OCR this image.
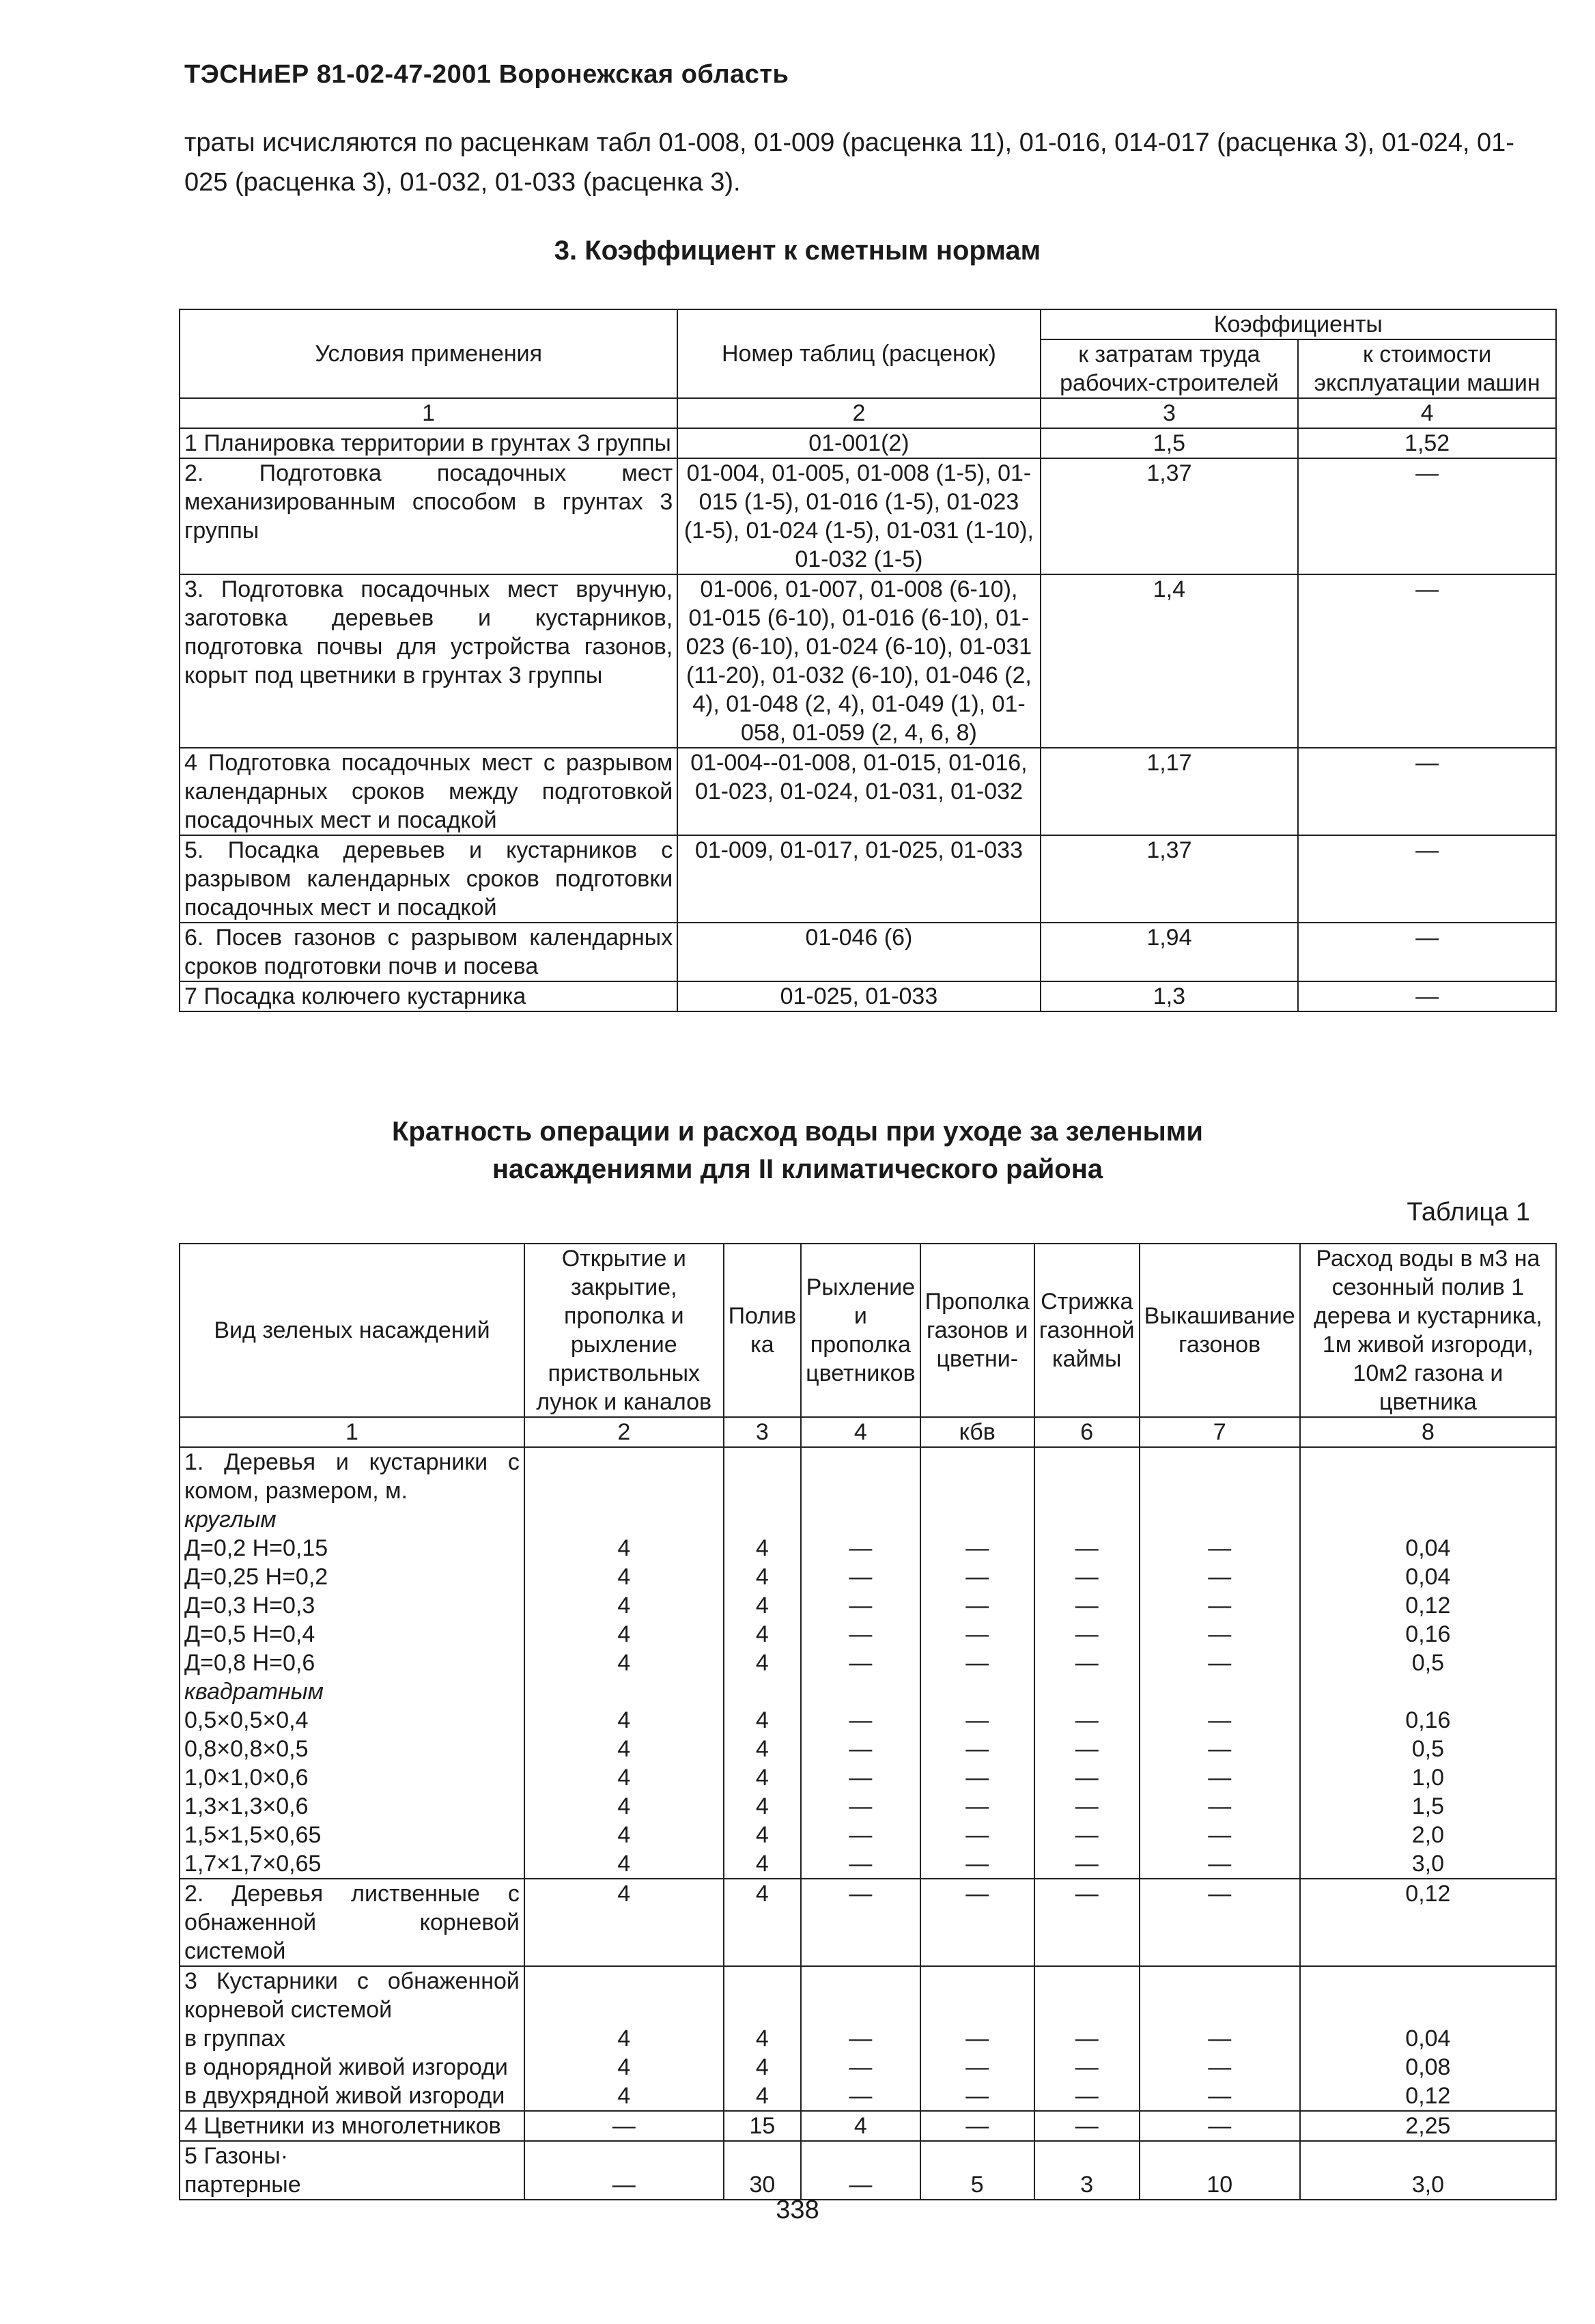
ТЭСНиЕР 81-02-47-2001 Воронежская область
траты исчисляются по расценкам табл 01-008, 01-009 (расценка 11), 01-016, 014-017 (расценка 3), 01-024, 01-025 (расценка 3), 01-032, 01-033 (расценка 3).
3. Коэффициент к сметным нормам
Условия применения	Номер таблиц (расценок)	Коэффициенты	
		к затратам труда рабочих-строителей	к стоимости эксплуатации машин
1	2	3	4
1 Планировка территории в грунтах 3 группы	01-001(2)	1,5	1,52
2. Подготовка посадочных мест механизированным способом в грунтах 3 группы	01-004, 01-005, 01-008 (1-5), 01-015 (1-5), 01-016 (1-5), 01-023 (1-5), 01-024 (1-5), 01-031 (1-10), 01-032 (1-5)	1,37	—
3. Подготовка посадочных мест вручную, заготовка деревьев и кустарников, подготовка почвы для устройства газонов, корыт под цветники в грунтах 3 группы	01-006, 01-007, 01-008 (6-10), 01-015 (6-10), 01-016 (6-10), 01-023 (6-10), 01-024 (6-10), 01-031 (11-20), 01-032 (6-10), 01-046 (2, 4), 01-048 (2, 4), 01-049 (1), 01-058, 01-059 (2, 4, 6, 8)	1,4	—
4 Подготовка посадочных мест с разрывом календарных сроков между подготовкой посадочных мест и посадкой	01-004--01-008, 01-015, 01-016, 01-023, 01-024, 01-031, 01-032	1,17	—
5. Посадка деревьев и кустарников с разрывом календарных сроков подготовки посадочных мест и посадкой	01-009, 01-017, 01-025, 01-033	1,37	—
6. Посев газонов с разрывом календарных сроков подготовки почв и посева	01-046 (6)	1,94	—
7 Посадка колючего кустарника	01-025, 01-033	1,3	—
Кратность операции и расход воды при уходе за зелеными
насаждениями для II климатического района
Таблица 1
Вид зеленых насаждений	Открытие и закрытие, прополка и рыхление приствольных лунок и каналов	Полив ка	Рыхление и прополка цветников	Прополка газонов и цветни-	Стрижка газонной каймы	Выкашивание газонов	Расход воды в м3 на сезонный полив 1 дерева и кустарника, 1м живой изгороди, 10м2 газона и цветника
1	2	3	4	кбв	6	7	8
1. Деревья и кустарники с комом, размером, м.							
круглым							
Д=0,2 Н=0,15	4	4	—	—	—	—	0,04
Д=0,25 Н=0,2	4	4	—	—	—	—	0,04
Д=0,3 Н=0,3	4	4	—	—	—	—	0,12
Д=0,5 Н=0,4	4	4	—	—	—	—	0,16
Д=0,8 Н=0,6	4	4	—	—	—	—	0,5
квадратным							
0,5×0,5×0,4	4	4	—	—	—	—	0,16
0,8×0,8×0,5	4	4	—	—	—	—	0,5
1,0×1,0×0,6	4	4	—	—	—	—	1,0
1,3×1,3×0,6	4	4	—	—	—	—	1,5
1,5×1,5×0,65	4	4	—	—	—	—	2,0
1,7×1,7×0,65	4	4	—	—	—	—	3,0
2. Деревья лиственные с обнаженной корневой системой	4	4	—	—	—	—	0,12
3 Кустарники с обнаженной корневой системой							
в группах	4	4	—	—	—	—	0,04
в однорядной живой изгороди	4	4	—	—	—	—	0,08
в двухрядной живой изгороди	4	4	—	—	—	—	0,12
4 Цветники из многолетников	—	15	4	—	—	—	2,25
5 Газоны·							
партерные	—	30	—	5	3	10	3,0
338
